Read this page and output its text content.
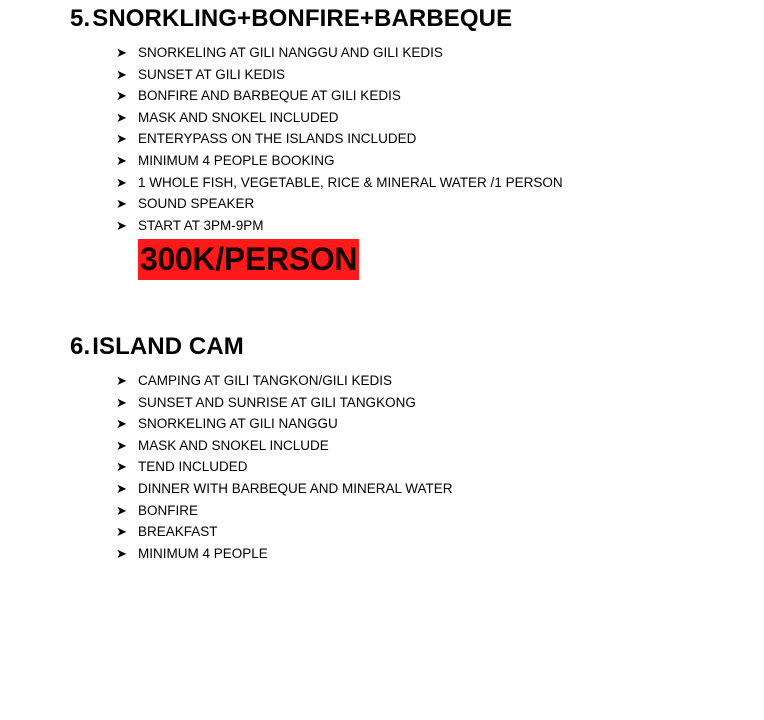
5. SNORKLING+BONFIRE+BARBEQUE
➤ SNORKELING AT GILI NANGGU AND GILI KEDIS
➤ SUNSET AT GILI KEDIS
➤ BONFIRE AND BARBEQUE AT GILI KEDIS
➤ MASK AND SNOKEL INCLUDED
➤ ENTERYPASS ON THE ISLANDS INCLUDED
➤ MINIMUM 4 PEOPLE BOOKING
➤ 1 WHOLE FISH, VEGETABLE, RICE & MINERAL WATER /1 PERSON
➤ SOUND SPEAKER
➤ START AT 3PM-9PM
300K/PERSON
6. ISLAND CAM
➤ CAMPING AT GILI TANGKON/GILI KEDIS
➤ SUNSET AND SUNRISE AT GILI TANGKONG
➤ SNORKELING AT GILI NANGGU
➤ MASK AND SNOKEL INCLUDE
➤ TEND INCLUDED
➤ DINNER WITH BARBEQUE AND MINERAL WATER
➤ BONFIRE
➤ BREAKFAST
➤ MINIMUM 4 PEOPLE
